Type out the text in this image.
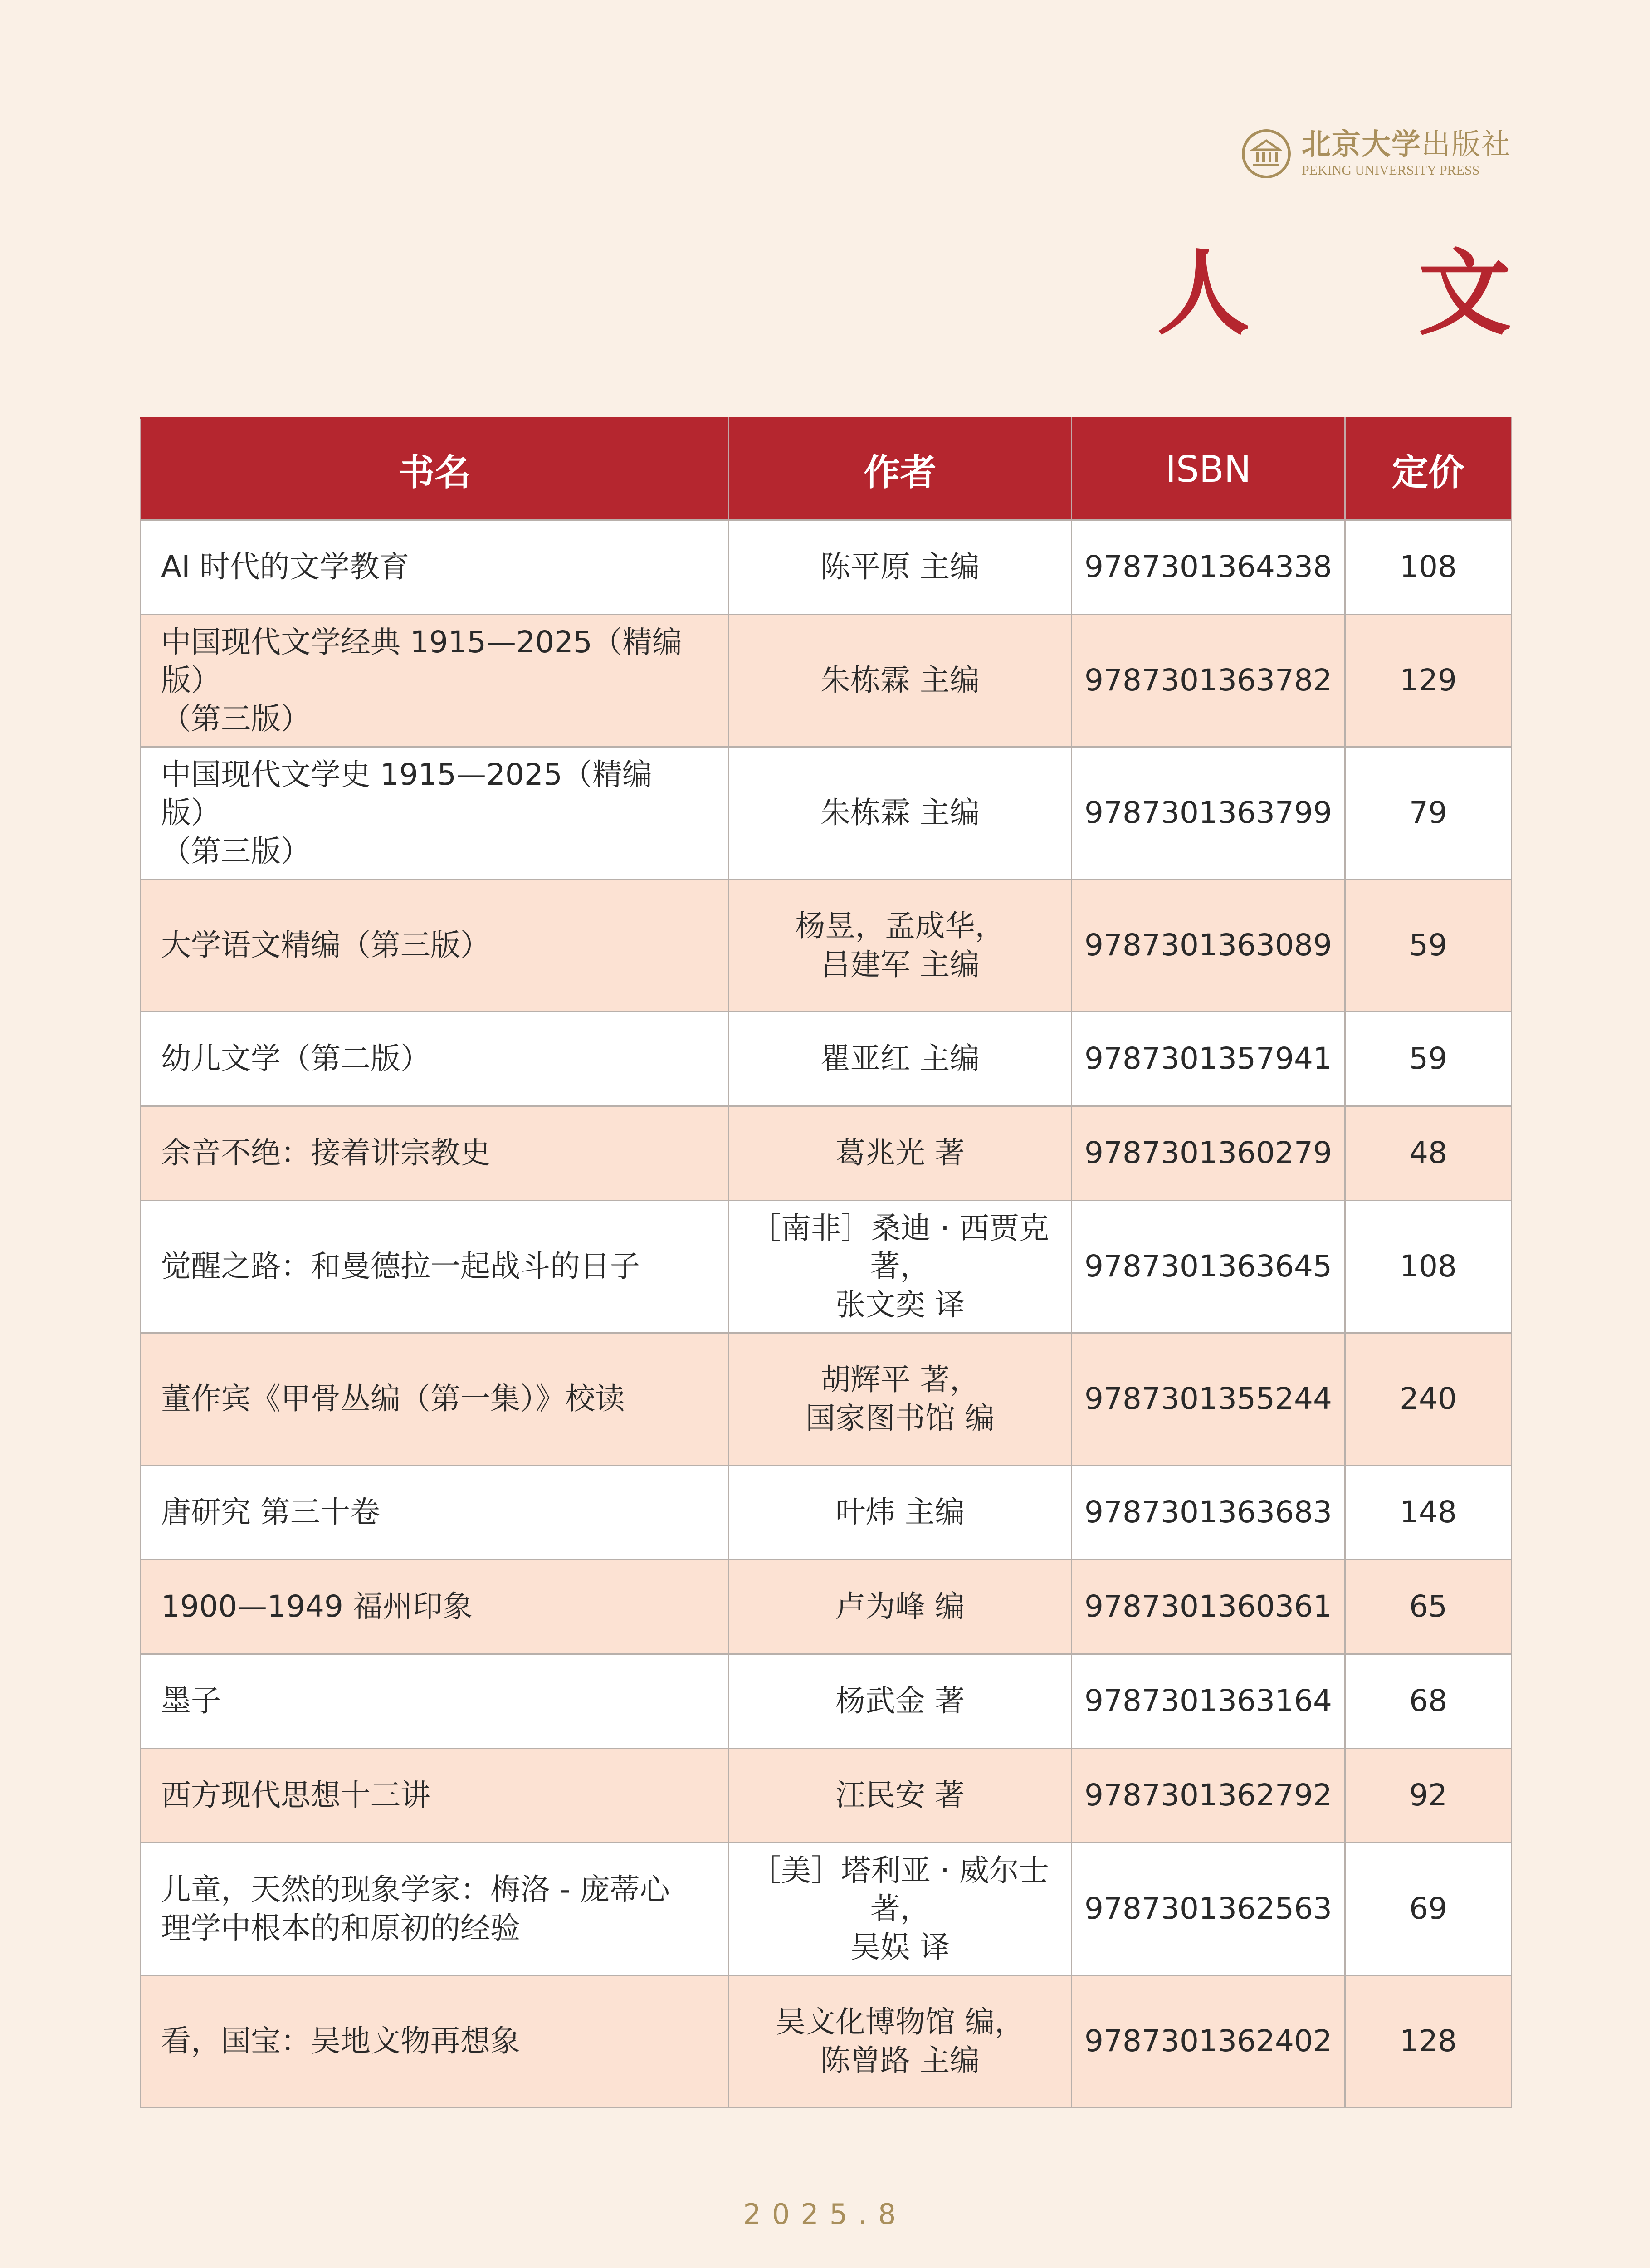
北京大学出版社
PEKING UNIVERSITY PRESS
人 文
书名	作者	ISBN	定价
AI 时代的文学教育	陈平原 主编	9787301364338	108
中国现代文学经典 1915—2025（精编版）
（第三版）	朱栋霖 主编	9787301363782	129
中国现代文学史 1915—2025（精编版）
（第三版）	朱栋霖 主编	9787301363799	79
大学语文精编（第三版）	杨昱，孟成华，
吕建军 主编	9787301363089	59
幼儿文学（第二版）	瞿亚红 主编	9787301357941	59
余音不绝：接着讲宗教史	葛兆光 著	9787301360279	48
觉醒之路：和曼德拉一起战斗的日子	［南非］桑迪 · 西贾克 著，
张文奕 译	9787301363645	108
董作宾《甲骨丛编（第一集）》校读	胡辉平 著，
国家图书馆 编	9787301355244	240
唐研究 第三十卷	叶炜 主编	9787301363683	148
1900—1949 福州印象	卢为峰 编	9787301360361	65
墨子	杨武金 著	9787301363164	68
西方现代思想十三讲	汪民安 著	9787301362792	92
儿童，天然的现象学家：梅洛 - 庞蒂心
理学中根本的和原初的经验	［美］塔利亚 · 威尔士 著，
吴娱 译	9787301362563	69
看，国宝：吴地文物再想象	吴文化博物馆 编，
陈曾路 主编	9787301362402	128
2025.8
